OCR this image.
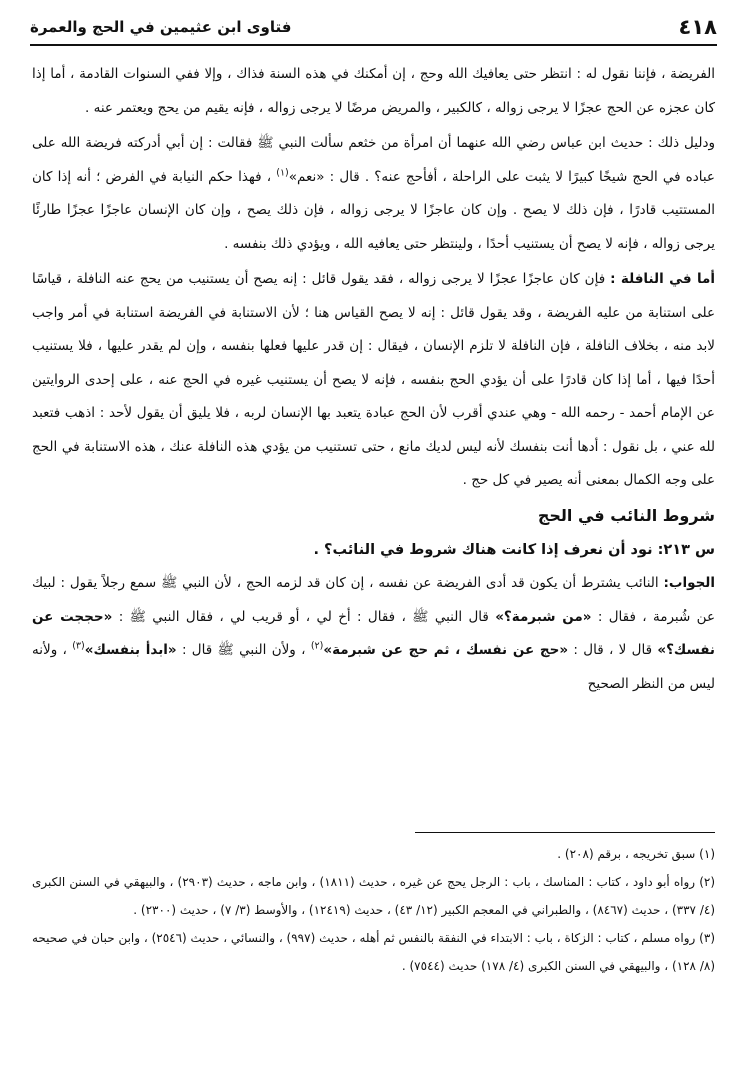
٤١٨
فتاوى ابن عثيمين في الحج والعمرة

الفريضة ، فإننا نقول له : انتظر حتى يعافيك الله وحج ، إن أمكنك في هذه السنة فذاك ، وإلا ففي السنوات القادمة ، أما إذا كان عجزه عن الحج عجزًا لا يرجى زواله ، كالكبير ، والمريض مرضًا لا يرجى زواله ، فإنه يقيم من يحج ويعتمر عنه .

ودليل ذلك : حديث ابن عباس رضي الله عنهما أن امرأة من خثعم سألت النبي ﷺ فقالت : إن أبي أدركته فريضة الله على عباده في الحج شيخًا كبيرًا لا يثبت على الراحلة ، أفأحج عنه؟ . قال : «نعم»$^{(١)}$ ، فهذا حكم النيابة في الفرض ؛ أنه إذا كان المستتيب قادرًا ، فإن ذلك لا يصح . وإن كان عاجزًا لا يرجى زواله ، فإن ذلك يصح ، وإن كان الإنسان عاجزًا عجزًا طارئًا يرجى زواله ، فإنه لا يصح أن يستنيب أحدًا ، ولينتظر حتى يعافيه الله ، ويؤدي ذلك بنفسه .

أما في النافلة : فإن كان عاجزًا عجزًا لا يرجى زواله ، فقد يقول قائل : إنه يصح أن يستنيب من يحج عنه النافلة ، قياسًا على استنابة من عليه الفريضة ، وقد يقول قائل : إنه لا يصح القياس هنا ؛ لأن الاستنابة في الفريضة استنابة في أمر واجب لابد منه ، بخلاف النافلة ، فإن النافلة لا تلزم الإنسان ، فيقال : إن قدر عليها فعلها بنفسه ، وإن لم يقدر عليها ، فلا يستنيب أحدًا فيها ، أما إذا كان قادرًا على أن يؤدي الحج بنفسه ، فإنه لا يصح أن يستنيب غيره في الحج عنه ، على إحدى الروايتين عن الإمام أحمد - رحمه الله - وهي عندي أقرب لأن الحج عبادة يتعبد بها الإنسان لربه ، فلا يليق أن يقول لأحد : اذهب فتعبد لله عني ، بل نقول : أدها أنت بنفسك لأنه ليس لديك مانع ، حتى تستنيب من يؤدي هذه النافلة عنك ، هذه الاستنابة في الحج على وجه الكمال بمعنى أنه يصير في كل حج .

شروط النائب في الحج

س ٢١٣: نود أن نعرف إذا كانت هناك شروط في النائب؟ .

الجواب: النائب يشترط أن يكون قد أدى الفريضة عن نفسه ، إن كان قد لزمه الحج ، لأن النبي ﷺ سمع رجلاً يقول : لبيك عن شُبرمة ، فقال : «من شبرمة؟» قال النبي ﷺ ، فقال : أخ لي ، أو قريب لي ، فقال النبي ﷺ : «حججت عن نفسك؟» قال لا ، قال : «حج عن نفسك ، ثم حج عن شبرمة»$^{(٢)}$ ، ولأن النبي ﷺ قال : «ابدأ بنفسك»$^{(٣)}$ ، ولأنه ليس من النظر الصحيح

(١) سبق تخريجه ، برقم (٢٠٨) .

(٢) رواه أبو داود ، كتاب : المناسك ، باب : الرجل يحج عن غيره ، حديث (١٨١١) ، وابن ماجه ، حديث (٢٩٠٣) ، والبيهقي في السنن الكبرى (٤/ ٣٣٧) ، حديث (٨٤٦٧) ، والطبراني في المعجم الكبير (١٢/ ٤٣) ، حديث (١٢٤١٩) ، والأوسط (٣/ ٧) ، حديث (٢٣٠٠) .

(٣) رواه مسلم ، كتاب : الزكاة ، باب : الابتداء في النفقة بالنفس ثم أهله ، حديث (٩٩٧) ، والنسائي ، حديث (٢٥٤٦) ، وابن حبان في صحيحه (٨/ ١٢٨) ، والبيهقي في السنن الكبرى (٤/ ١٧٨) حديث (٧٥٤٤) .
